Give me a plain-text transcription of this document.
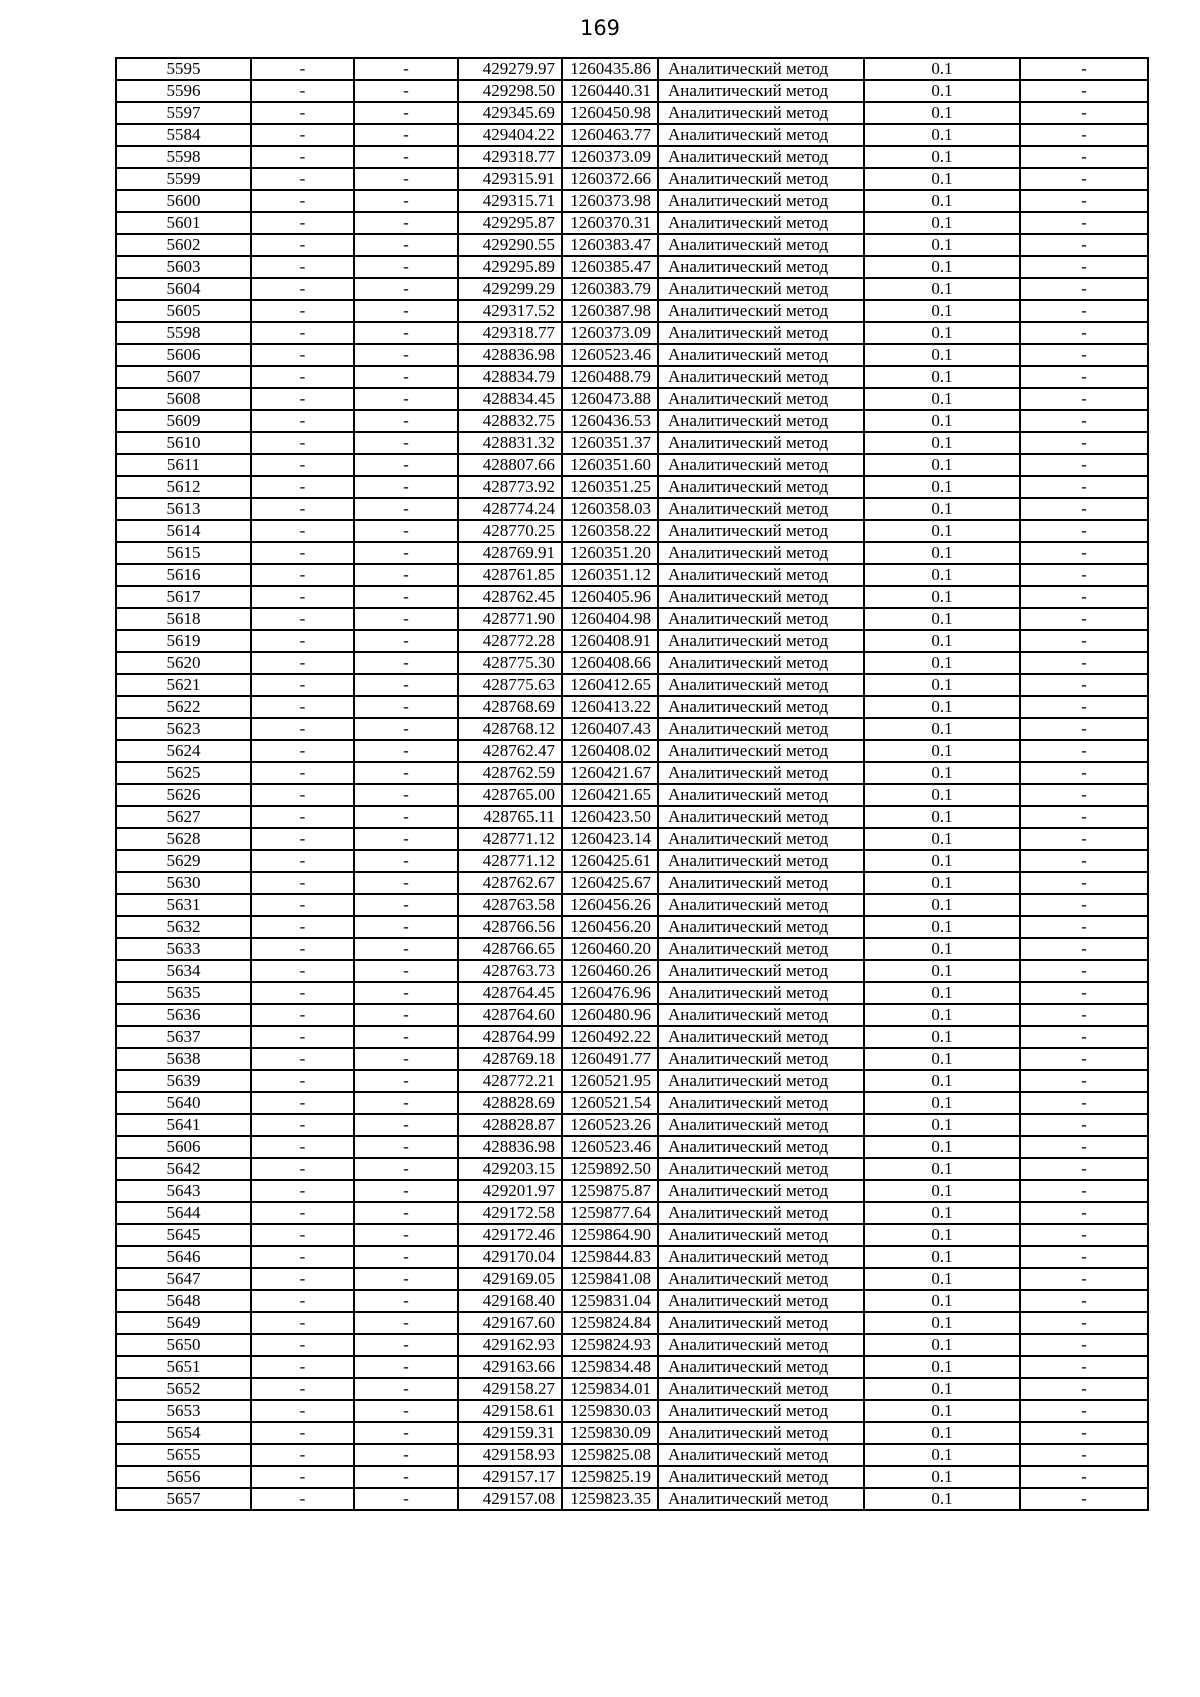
169
5595	-	-	429279.97	1260435.86	Аналитический метод	0.1	-
5596	-	-	429298.50	1260440.31	Аналитический метод	0.1	-
5597	-	-	429345.69	1260450.98	Аналитический метод	0.1	-
5584	-	-	429404.22	1260463.77	Аналитический метод	0.1	-
5598	-	-	429318.77	1260373.09	Аналитический метод	0.1	-
5599	-	-	429315.91	1260372.66	Аналитический метод	0.1	-
5600	-	-	429315.71	1260373.98	Аналитический метод	0.1	-
5601	-	-	429295.87	1260370.31	Аналитический метод	0.1	-
5602	-	-	429290.55	1260383.47	Аналитический метод	0.1	-
5603	-	-	429295.89	1260385.47	Аналитический метод	0.1	-
5604	-	-	429299.29	1260383.79	Аналитический метод	0.1	-
5605	-	-	429317.52	1260387.98	Аналитический метод	0.1	-
5598	-	-	429318.77	1260373.09	Аналитический метод	0.1	-
5606	-	-	428836.98	1260523.46	Аналитический метод	0.1	-
5607	-	-	428834.79	1260488.79	Аналитический метод	0.1	-
5608	-	-	428834.45	1260473.88	Аналитический метод	0.1	-
5609	-	-	428832.75	1260436.53	Аналитический метод	0.1	-
5610	-	-	428831.32	1260351.37	Аналитический метод	0.1	-
5611	-	-	428807.66	1260351.60	Аналитический метод	0.1	-
5612	-	-	428773.92	1260351.25	Аналитический метод	0.1	-
5613	-	-	428774.24	1260358.03	Аналитический метод	0.1	-
5614	-	-	428770.25	1260358.22	Аналитический метод	0.1	-
5615	-	-	428769.91	1260351.20	Аналитический метод	0.1	-
5616	-	-	428761.85	1260351.12	Аналитический метод	0.1	-
5617	-	-	428762.45	1260405.96	Аналитический метод	0.1	-
5618	-	-	428771.90	1260404.98	Аналитический метод	0.1	-
5619	-	-	428772.28	1260408.91	Аналитический метод	0.1	-
5620	-	-	428775.30	1260408.66	Аналитический метод	0.1	-
5621	-	-	428775.63	1260412.65	Аналитический метод	0.1	-
5622	-	-	428768.69	1260413.22	Аналитический метод	0.1	-
5623	-	-	428768.12	1260407.43	Аналитический метод	0.1	-
5624	-	-	428762.47	1260408.02	Аналитический метод	0.1	-
5625	-	-	428762.59	1260421.67	Аналитический метод	0.1	-
5626	-	-	428765.00	1260421.65	Аналитический метод	0.1	-
5627	-	-	428765.11	1260423.50	Аналитический метод	0.1	-
5628	-	-	428771.12	1260423.14	Аналитический метод	0.1	-
5629	-	-	428771.12	1260425.61	Аналитический метод	0.1	-
5630	-	-	428762.67	1260425.67	Аналитический метод	0.1	-
5631	-	-	428763.58	1260456.26	Аналитический метод	0.1	-
5632	-	-	428766.56	1260456.20	Аналитический метод	0.1	-
5633	-	-	428766.65	1260460.20	Аналитический метод	0.1	-
5634	-	-	428763.73	1260460.26	Аналитический метод	0.1	-
5635	-	-	428764.45	1260476.96	Аналитический метод	0.1	-
5636	-	-	428764.60	1260480.96	Аналитический метод	0.1	-
5637	-	-	428764.99	1260492.22	Аналитический метод	0.1	-
5638	-	-	428769.18	1260491.77	Аналитический метод	0.1	-
5639	-	-	428772.21	1260521.95	Аналитический метод	0.1	-
5640	-	-	428828.69	1260521.54	Аналитический метод	0.1	-
5641	-	-	428828.87	1260523.26	Аналитический метод	0.1	-
5606	-	-	428836.98	1260523.46	Аналитический метод	0.1	-
5642	-	-	429203.15	1259892.50	Аналитический метод	0.1	-
5643	-	-	429201.97	1259875.87	Аналитический метод	0.1	-
5644	-	-	429172.58	1259877.64	Аналитический метод	0.1	-
5645	-	-	429172.46	1259864.90	Аналитический метод	0.1	-
5646	-	-	429170.04	1259844.83	Аналитический метод	0.1	-
5647	-	-	429169.05	1259841.08	Аналитический метод	0.1	-
5648	-	-	429168.40	1259831.04	Аналитический метод	0.1	-
5649	-	-	429167.60	1259824.84	Аналитический метод	0.1	-
5650	-	-	429162.93	1259824.93	Аналитический метод	0.1	-
5651	-	-	429163.66	1259834.48	Аналитический метод	0.1	-
5652	-	-	429158.27	1259834.01	Аналитический метод	0.1	-
5653	-	-	429158.61	1259830.03	Аналитический метод	0.1	-
5654	-	-	429159.31	1259830.09	Аналитический метод	0.1	-
5655	-	-	429158.93	1259825.08	Аналитический метод	0.1	-
5656	-	-	429157.17	1259825.19	Аналитический метод	0.1	-
5657	-	-	429157.08	1259823.35	Аналитический метод	0.1	-
